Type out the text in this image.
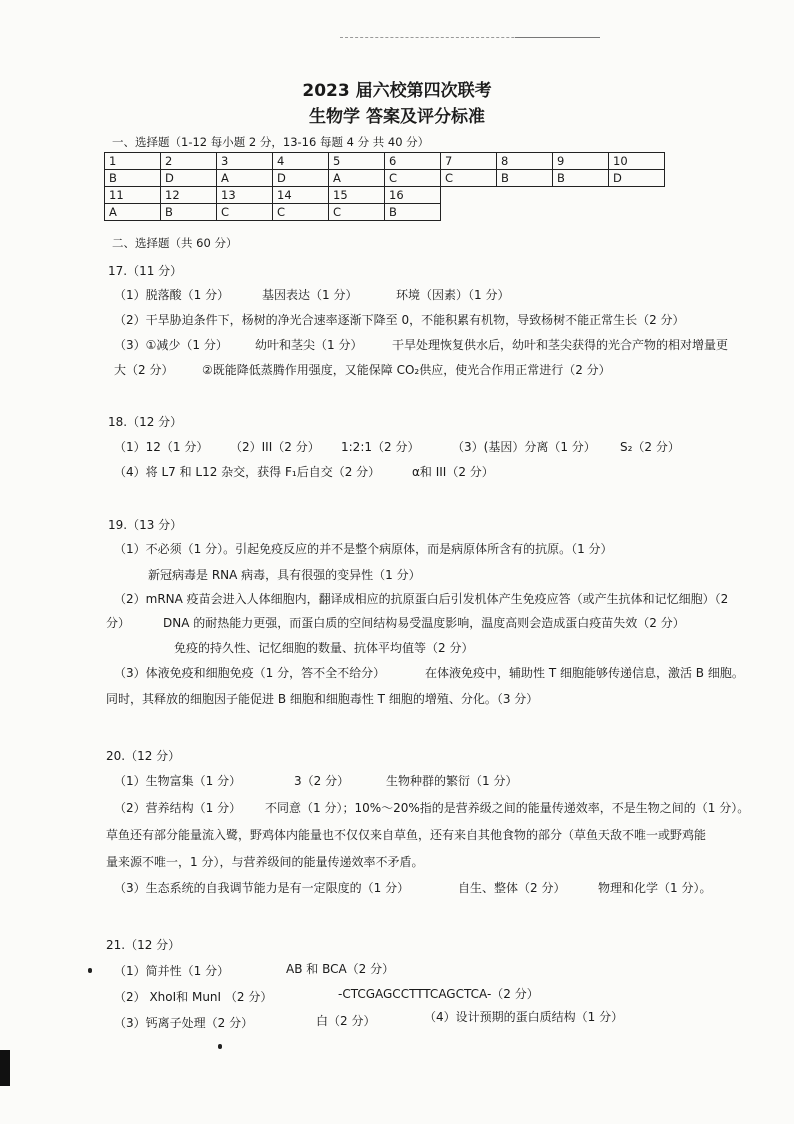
2023 届六校第四次联考
生物学 答案及评分标准
一、选择题（1-12 每小题 2 分，13-16 每题 4 分 共 40 分）
1	2	3	4	5	6	7	8	9	10
B	D	A	D	A	C	C	B	B	D
11	12	13	14	15	16				
A	B	C	C	C	B				
二、选择题（共 60 分）
17.（11 分）
（1）脱落酸（1 分）	基因表达（1 分）	环境（因素）（1 分）
（2）干旱胁迫条件下，杨树的净光合速率逐渐下降至 0，不能积累有机物，导致杨树不能正常生长（2 分）
（3）①减少（1 分） 幼叶和茎尖（1 分） 干旱处理恢复供水后，幼叶和茎尖获得的光合产物的相对增量更
大（2 分） ②既能降低蒸腾作用强度，又能保障 CO₂供应，使光合作用正常进行（2 分）
18.（12 分）
（1）12（1 分） （2）III（2 分） 1:2:1（2 分）	（3）(基因）分离（1 分） S₂（2 分）
（4）将 L7 和 L12 杂交，获得 F₁后自交（2 分）	α和 III（2 分）
19.（13 分）
（1）不必须（1 分）。引起免疫反应的并不是整个病原体，而是病原体所含有的抗原。（1 分）
新冠病毒是 RNA 病毒，具有很强的变异性（1 分）
（2）mRNA 疫苗会进入人体细胞内，翻译成相应的抗原蛋白后引发机体产生免疫应答（或产生抗体和记忆细胞）（2
分）	DNA 的耐热能力更强，而蛋白质的空间结构易受温度影响，温度高则会造成蛋白疫苗失效（2 分）
免疫的持久性、记忆细胞的数量、抗体平均值等（2 分）
（3）体液免疫和细胞免疫（1 分，答不全不给分）	在体液免疫中，辅助性 T 细胞能够传递信息，激活 B 细胞。
同时，其释放的细胞因子能促进 B 细胞和细胞毒性 T 细胞的增殖、分化。（3 分）
20.（12 分）
（1）生物富集（1 分）	3（2 分）	生物种群的繁衍（1 分）
（2）营养结构（1 分） 不同意（1 分）；10%～20%指的是营养级之间的能量传递效率，不是生物之间的（1 分）。
草鱼还有部分能量流入鹭，野鸡体内能量也不仅仅来自草鱼，还有来自其他食物的部分（草鱼天敌不唯一或野鸡能
量来源不唯一，1 分），与营养级间的能量传递效率不矛盾。
（3）生态系统的自我调节能力是有一定限度的（1 分）	自生、整体（2 分）	物理和化学（1 分）。
21.（12 分）
（1）简并性（1 分）	AB 和 BCA（2 分）
（2） XhoⅠ和 MunⅠ （2 分）	-CTCGAGCCTTTCAGCTCA-（2 分）
（3）钙离子处理（2 分）	白（2 分）	（4）设计预期的蛋白质结构（1 分）
